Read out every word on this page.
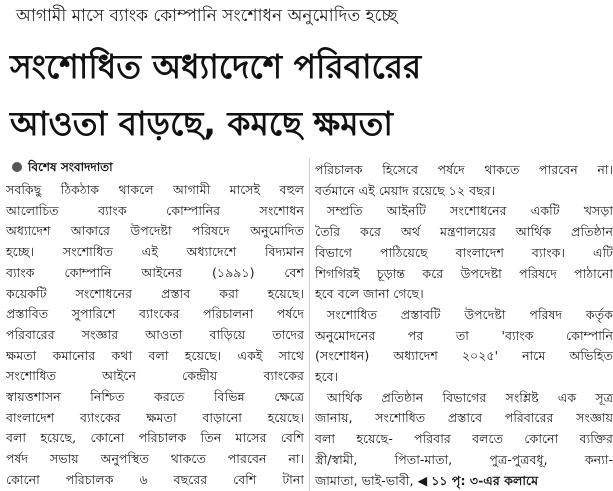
আগামী মাসে ব্যাংক কোম্পানি সংশোধন অনুমোদিত হচ্ছে
সংশোধিত অধ্যাদেশে পরিবারের
আওতা বাড়ছে, কমছে ক্ষমতা
বিশেষ সংবাদদাতা

সবকিছু ঠিকঠাক থাকলে আগামী মাসেই বহুল
আলোচিত ব্যাংক কোম্পানির সংশোধন
অধ্যাদেশ আকারে উপদেষ্টা পরিষদে অনুমোদিত
হচ্ছে। সংশোধিত এই অধ্যাদেশে বিদ্যমান
ব্যাংক কোম্পানি আইনের (১৯৯১) বেশ
কয়েকটি সংশোধনের প্রস্তাব করা হয়েছে।
প্রস্তাবিত সুপারিশে ব্যাংকের পরিচালনা পর্ষদে
পরিবারের সংজ্ঞার আওতা বাড়িয়ে তাদের
ক্ষমতা কমানোর কথা বলা হয়েছে। একই সাথে
সংশোধিত আইনে কেন্দ্রীয় ব্যাংকের
স্বায়ত্তশাসন নিশ্চিত করতে বিভিন্ন ক্ষেত্রে
বাংলাদেশ ব্যাংকের ক্ষমতা বাড়ানো হয়েছে।
বলা হয়েছে, কোনো পরিচালক তিন মাসের বেশি
পর্ষদ সভায় অনুপস্থিত থাকতে পারবেন না।
কোনো পরিচালক ৬ বছরের বেশি টানা

পরিচালক হিসেবে পর্ষদে থাকতে পারবেন না।
বর্তমানে এই মেয়াদ রয়েছে ১২ বছর।

সম্প্রতি আইনটি সংশোধনের একটি খসড়া
তৈরি করে অর্থ মন্ত্রণালয়ের আর্থিক প্রতিষ্ঠান
বিভাগে পাঠিয়েছে বাংলাদেশ ব্যাংক। এটি
শিগগিরই চূড়ান্ত করে উপদেষ্টা পরিষদে পাঠানো
হবে বলে জানা গেছে।

সংশোধিত প্রস্তাবটি উপদেষ্টা পরিষদ কর্তৃক
অনুমোদনের পর তা 'ব্যাংক কোম্পানি
(সংশোধন) অধ্যাদেশ ২০২৫' নামে অভিহিত
হবে।

আর্থিক প্রতিষ্ঠান বিভাগের সংশ্লিষ্ট এক সূত্র
জানায়, সংশোধিত প্রস্তাবে পরিবারের সংজ্ঞায়
বলা হয়েছে- পরিবার বলতে কোনো ব্যক্তির
স্ত্রী/স্বামী, পিতা-মাতা, পুত্র-পুত্রবধূ, কন্যা-
জামাতা, ভাই-ভাবী, ◀ ১১ পৃ: ৩-এর কলামে
